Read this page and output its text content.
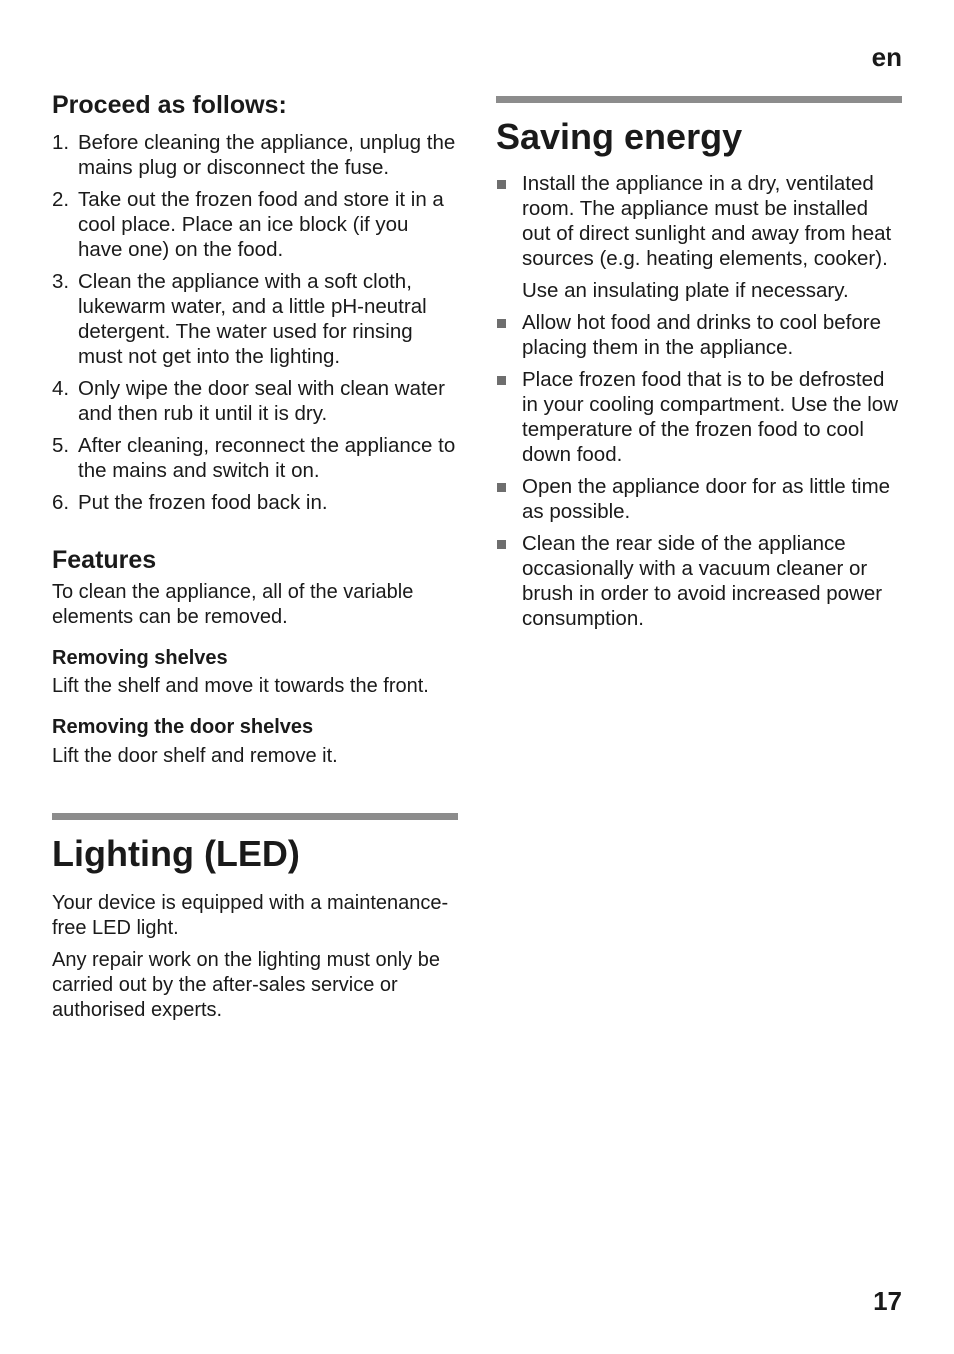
en
Proceed as follows:
1. Before cleaning the appliance, unplug the mains plug or disconnect the fuse.
2. Take out the frozen food and store it in a cool place. Place an ice block (if you have one) on the food.
3. Clean the appliance with a soft cloth, lukewarm water, and a little pH-neutral detergent. The water used for rinsing must not get into the lighting.
4. Only wipe the door seal with clean water and then rub it until it is dry.
5. After cleaning, reconnect the appliance to the mains and switch it on.
6. Put the frozen food back in.
Features

To clean the appliance, all of the variable elements can be removed.

Removing shelves

Lift the shelf and move it towards the front.

Removing the door shelves

Lift the door shelf and remove it.

Lighting (LED)

Your device is equipped with a maintenance-free LED light.

Any repair work on the lighting must only be carried out by the after-sales service or authorised experts.

Saving energy
Install the appliance in a dry, ventilated room. The appliance must be installed out of direct sunlight and away from heat sources (e.g. heating elements, cooker).
Use an insulating plate if necessary.
Allow hot food and drinks to cool before placing them in the appliance.
Place frozen food that is to be defrosted in your cooling compartment. Use the low temperature of the frozen food to cool down food.
Open the appliance door for as little time as possible.
Clean the rear side of the appliance occasionally with a vacuum cleaner or brush in order to avoid increased power consumption.
17
